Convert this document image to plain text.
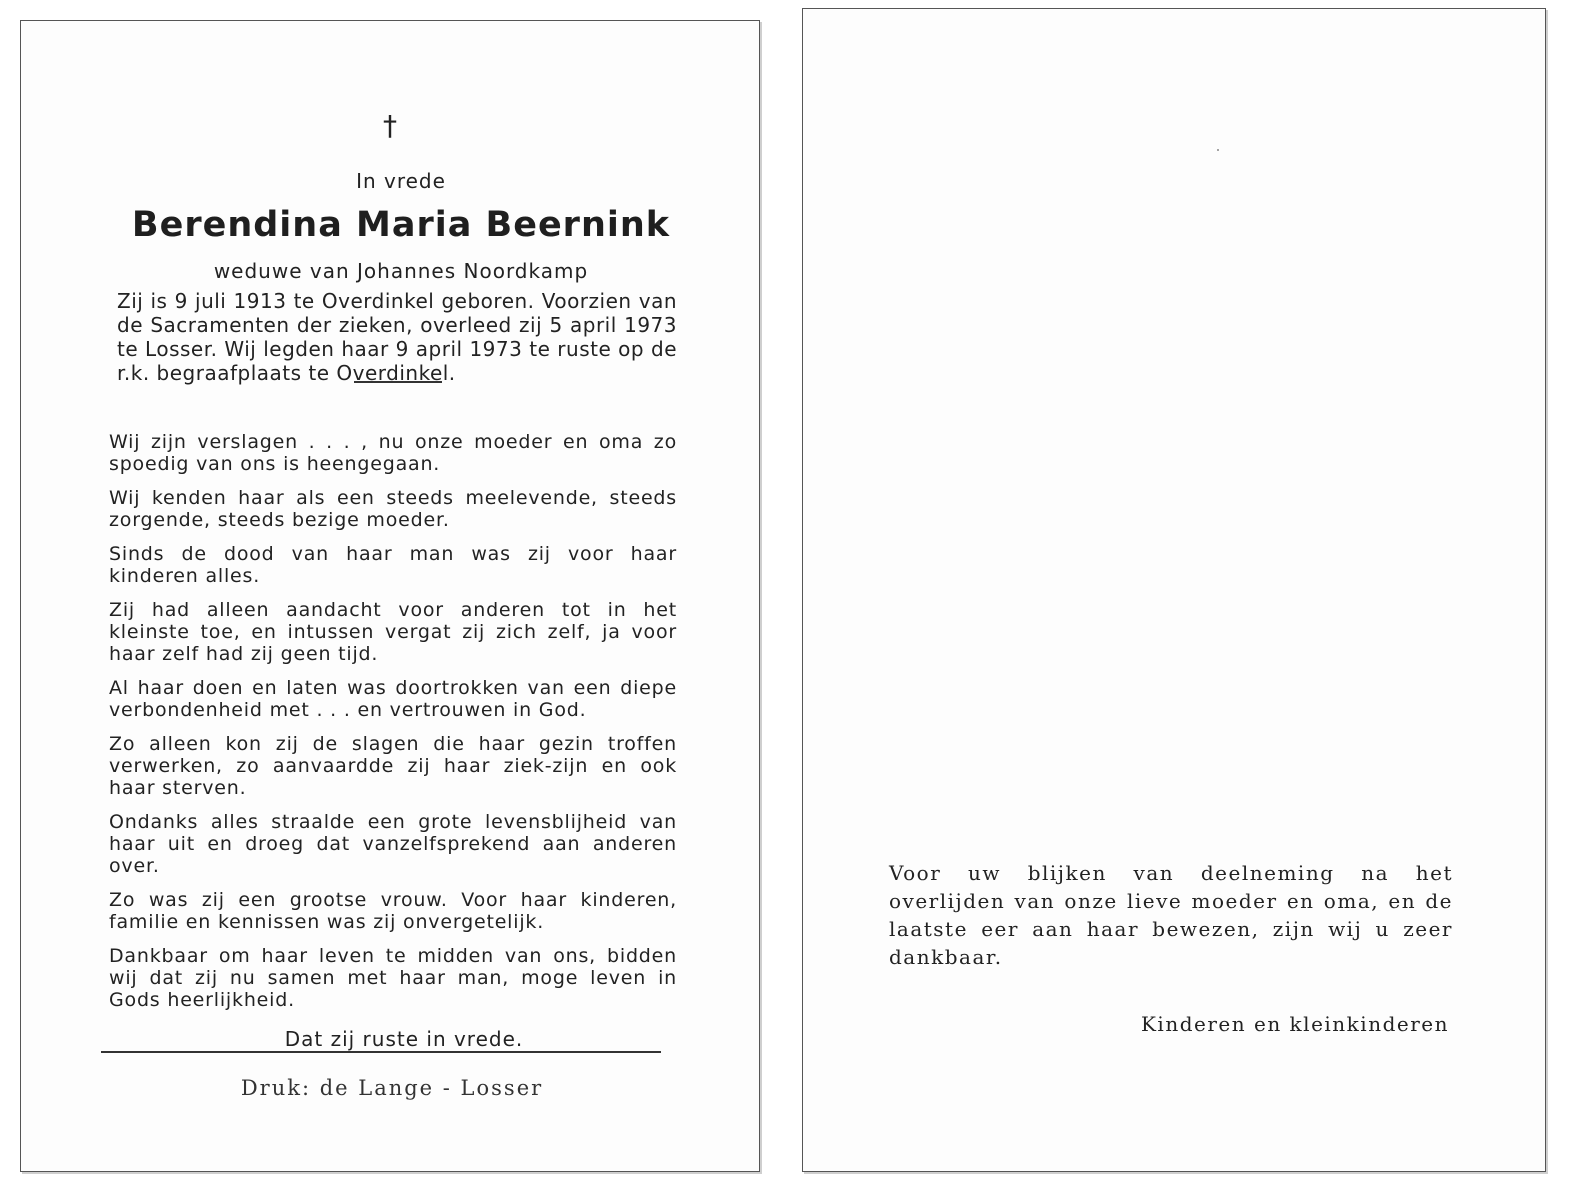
†
In vrede
Berendina Maria Beernink
weduwe van Johannes Noordkamp
Zij is 9 juli 1913 te Overdinkel geboren. Voorzien van de Sacramenten der zieken, overleed zij 5 april 1973 te Losser. Wij legden haar 9 april 1973 te ruste op de r.k. begraafplaats te Overdinkel.

Wij zijn verslagen . . . , nu onze moeder en oma zo spoedig van ons is heengegaan.

Wij kenden haar als een steeds meelevende, steeds zorgende, steeds bezige moeder.

Sinds de dood van haar man was zij voor haar kinderen alles.

Zij had alleen aandacht voor anderen tot in het kleinste toe, en intussen vergat zij zich zelf, ja voor haar zelf had zij geen tijd.

Al haar doen en laten was doortrokken van een diepe verbondenheid met . . . en vertrouwen in God.

Zo alleen kon zij de slagen die haar gezin troffen verwerken, zo aanvaardde zij haar ziek-zijn en ook haar sterven.

Ondanks alles straalde een grote levensblijheid van haar uit en droeg dat vanzelfsprekend aan anderen over.

Zo was zij een grootse vrouw. Voor haar kinderen, familie en kennissen was zij onvergetelijk.

Dankbaar om haar leven te midden van ons, bidden wij dat zij nu samen met haar man, moge leven in Gods heerlijkheid.

Dat zij ruste in vrede.
Druk: de Lange - Losser
Voor uw blijken van deelneming na het overlijden van onze lieve moeder en oma, en de laatste eer aan haar bewezen, zijn wij u zeer dankbaar.
Kinderen en kleinkinderen
